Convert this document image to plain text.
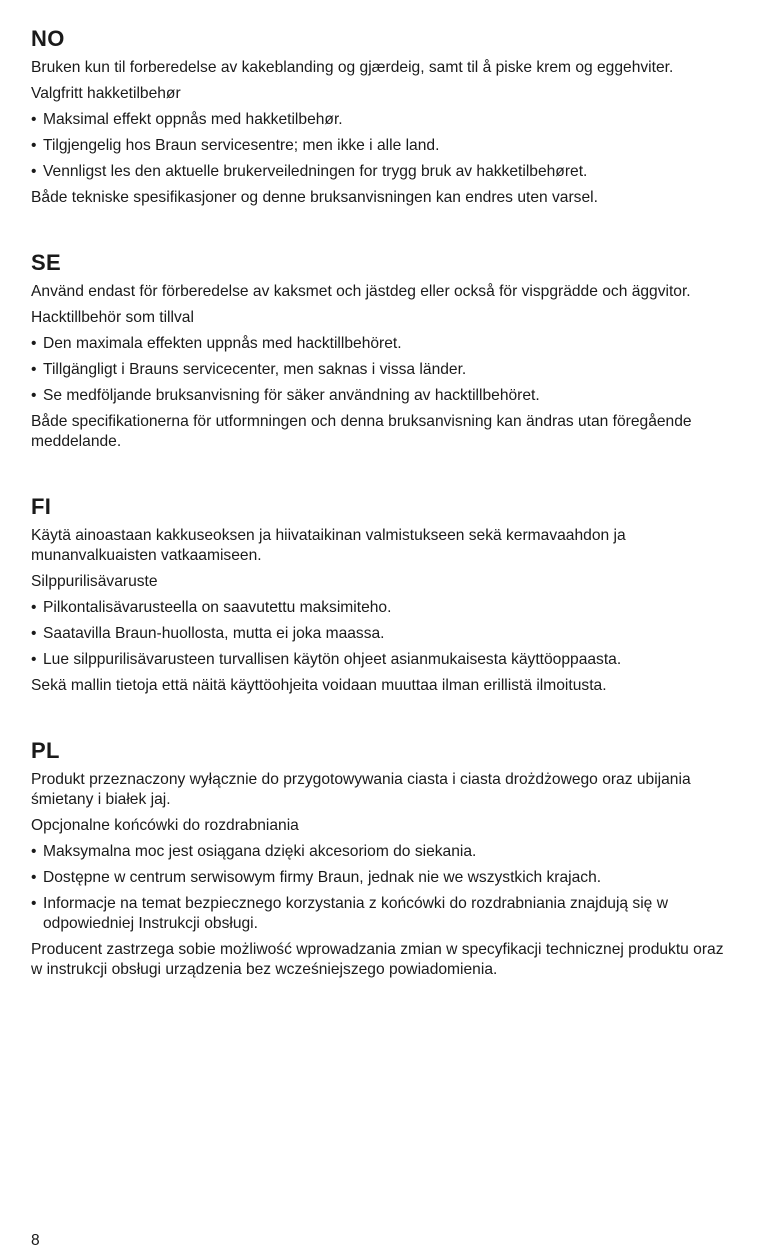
NO

Bruken kun til forberedelse av kakeblanding og gjærdeig, samt til å piske krem og eggehviter.

Valgfritt hakketilbehør

• Maksimal effekt oppnås med hakketilbehør.

• Tilgjengelig hos Braun servicesentre; men ikke i alle land.

• Vennligst les den aktuelle brukerveiledningen for trygg bruk av hakketilbehøret.

Både tekniske spesifikasjoner og denne bruksanvisningen kan endres uten varsel.

SE

Använd endast för förberedelse av kaksmet och jästdeg eller också för vispgrädde och äggvitor.

Hacktillbehör som tillval

• Den maximala effekten uppnås med hacktillbehöret.

• Tillgängligt i Brauns servicecenter, men saknas i vissa länder.

• Se medföljande bruksanvisning för säker användning av hacktillbehöret.

Både specifikationerna för utformningen och denna bruksanvisning kan ändras utan föregående meddelande.

FI

Käytä ainoastaan kakkuseoksen ja hiivataikinan valmistukseen sekä kermavaahdon ja munanvalkuaisten vatkaamiseen.

Silppurilisävaruste

• Pilkontalisävarusteella on saavutettu maksimiteho.

• Saatavilla Braun-huollosta, mutta ei joka maassa.

• Lue silppurilisävarusteen turvallisen käytön ohjeet asianmukaisesta käyttöoppaasta.

Sekä mallin tietoja että näitä käyttöohjeita voidaan muuttaa ilman erillistä ilmoitusta.

PL

Produkt przeznaczony wyłącznie do przygotowywania ciasta i ciasta drożdżowego oraz ubijania śmietany i białek jaj.

Opcjonalne końcówki do rozdrabniania

• Maksymalna moc jest osiągana dzięki akcesoriom do siekania.

• Dostępne w centrum serwisowym firmy Braun, jednak nie we wszystkich krajach.

• Informacje na temat bezpiecznego korzystania z końcówki do rozdrabniania znajdują się w odpowiedniej Instrukcji obsługi.

Producent zastrzega sobie możliwość wprowadzania zmian w specyfikacji technicznej produktu oraz w instrukcji obsługi urządzenia bez wcześniejszego powiadomienia.

8
